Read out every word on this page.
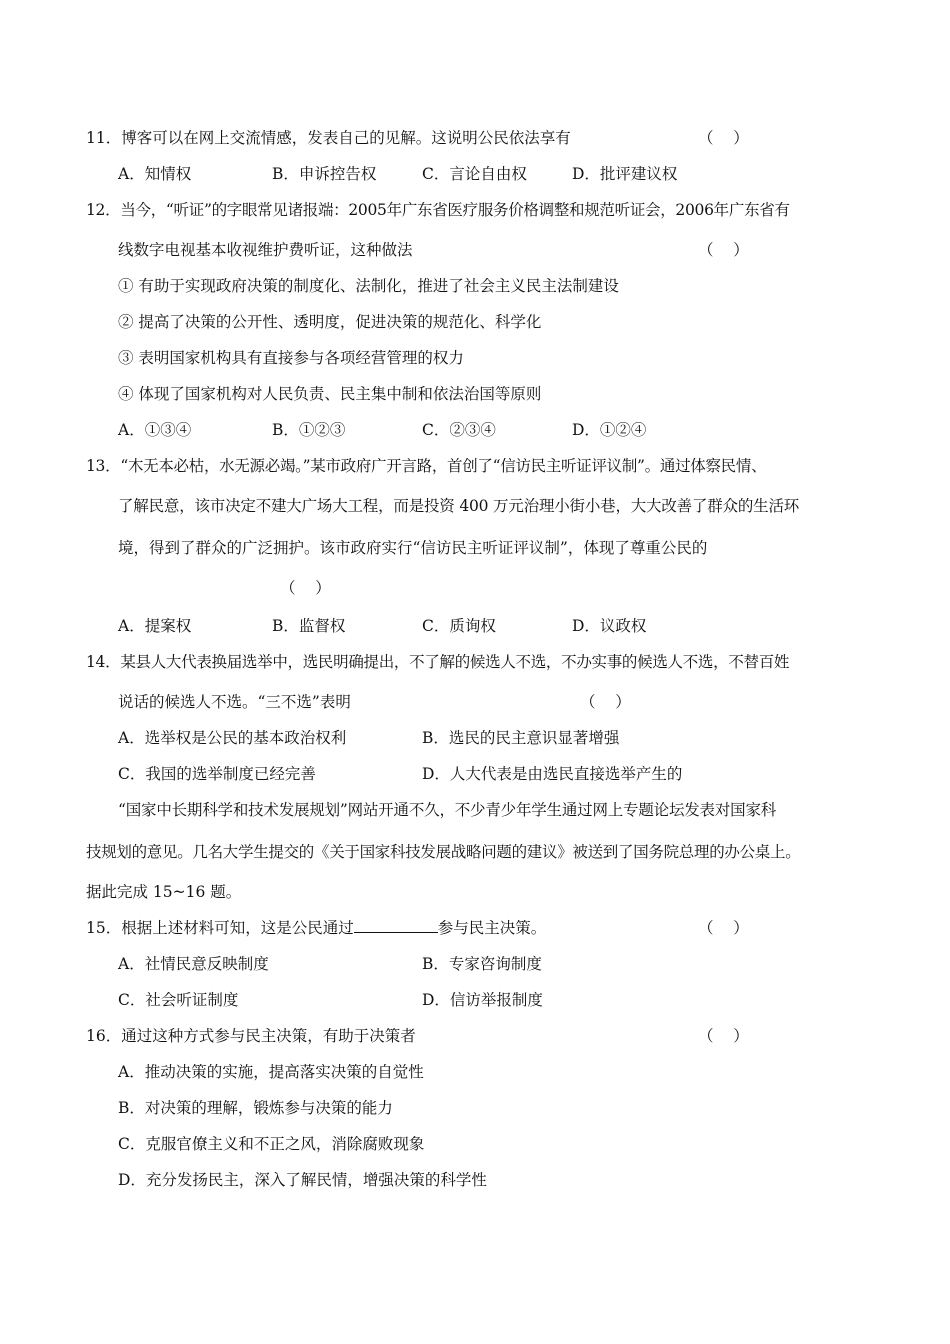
11．博客可以在网上交流情感，发表自己的见解。这说明公民依法享有	（    ）
A．知情权	B．申诉控告权	C．言论自由权	D．批评建议权
12．当今，“听证”的字眼常见诸报端：2005年广东省医疗服务价格调整和规范听证会，2006年广东省有
线数字电视基本收视维护费听证，这种做法	（    ）
① 有助于实现政府决策的制度化、法制化，推进了社会主义民主法制建设
② 提高了决策的公开性、透明度，促进决策的规范化、科学化
③ 表明国家机构具有直接参与各项经营管理的权力
④ 体现了国家机构对人民负责、民主集中制和依法治国等原则
A．①③④	B．①②③	C．②③④	D．①②④
13．“木无本必枯，水无源必竭。”某市政府广开言路，首创了“信访民主听证评议制”。通过体察民情、
了解民意，该市决定不建大广场大工程，而是投资 400 万元治理小街小巷，大大改善了群众的生活环
境，得到了群众的广泛拥护。该市政府实行“信访民主听证评议制”，体现了尊重公民的
（    ）
A．提案权	B．监督权	C．质询权	D．议政权
14．某县人大代表换届选举中，选民明确提出，不了解的候选人不选，不办实事的候选人不选，不替百姓
说话的候选人不选。“三不选”表明	（    ）
A．选举权是公民的基本政治权利	B．选民的民主意识显著增强
C．我国的选举制度已经完善	D．人大代表是由选民直接选举产生的
“国家中长期科学和技术发展规划”网站开通不久，不少青少年学生通过网上专题论坛发表对国家科
技规划的意见。几名大学生提交的《关于国家科技发展战略问题的建议》被送到了国务院总理的办公桌上。
据此完成 15~16 题。
15．根据上述材料可知，这是公民通过	参与民主决策。	（    ）
A．社情民意反映制度	B．专家咨询制度
C．社会听证制度	D．信访举报制度
16．通过这种方式参与民主决策，有助于决策者	（    ）
A．推动决策的实施，提高落实决策的自觉性
B．对决策的理解，锻炼参与决策的能力
C．克服官僚主义和不正之风，消除腐败现象
D．充分发扬民主，深入了解民情，增强决策的科学性
